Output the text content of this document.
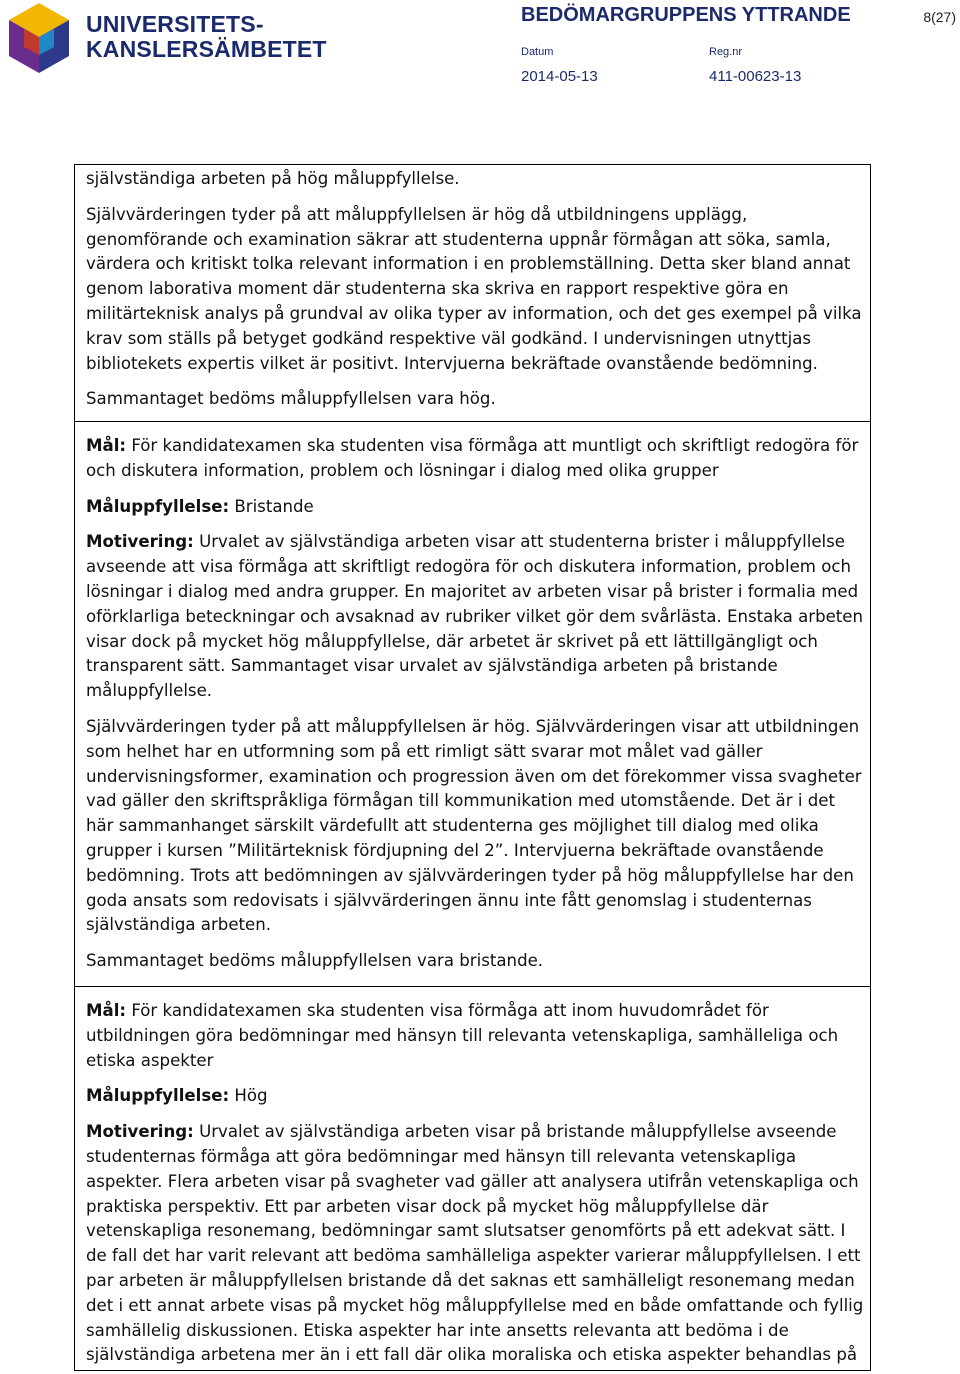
UNIVERSITETS-
KANSLERSÄMBETET
BEDÖMARGRUPPENS YTTRANDE	8(27)
Datum	Reg.nr
2014-05-13	411-00623-13

självständiga arbeten på hög måluppfyllelse.

Självvärderingen tyder på att måluppfyllelsen är hög då utbildningens upplägg, genomförande och examination säkrar att studenterna uppnår förmågan att söka, samla, värdera och kritiskt tolka relevant information i en problemställning. Detta sker bland annat genom laborativa moment där studenterna ska skriva en rapport respektive göra en militärteknisk analys på grundval av olika typer av information, och det ges exempel på vilka krav som ställs på betyget godkänd respektive väl godkänd. I undervisningen utnyttjas bibliotekets expertis vilket är positivt. Intervjuerna bekräftade ovanstående bedömning.

Sammantaget bedöms måluppfyllelsen vara hög.

Mål: För kandidatexamen ska studenten visa förmåga att muntligt och skriftligt redogöra för och diskutera information, problem och lösningar i dialog med olika grupper

Måluppfyllelse: Bristande

Motivering: Urvalet av självständiga arbeten visar att studenterna brister i måluppfyllelse avseende att visa förmåga att skriftligt redogöra för och diskutera information, problem och lösningar i dialog med andra grupper. En majoritet av arbeten visar på brister i formalia med oförklarliga beteckningar och avsaknad av rubriker vilket gör dem svårlästa. Enstaka arbeten visar dock på mycket hög måluppfyllelse, där arbetet är skrivet på ett lättillgängligt och transparent sätt. Sammantaget visar urvalet av självständiga arbeten på bristande måluppfyllelse.

Självvärderingen tyder på att måluppfyllelsen är hög. Självvärderingen visar att utbildningen som helhet har en utformning som på ett rimligt sätt svarar mot målet vad gäller undervisningsformer, examination och progression även om det förekommer vissa svagheter vad gäller den skriftspråkliga förmågan till kommunikation med utomstående. Det är i det här sammanhanget särskilt värdefullt att studenterna ges möjlighet till dialog med olika grupper i kursen ”Militärteknisk fördjupning del 2”. Intervjuerna bekräftade ovanstående bedömning. Trots att bedömningen av självvärderingen tyder på hög måluppfyllelse har den goda ansats som redovisats i självvärderingen ännu inte fått genomslag i studenternas självständiga arbeten.

Sammantaget bedöms måluppfyllelsen vara bristande.

Mål: För kandidatexamen ska studenten visa förmåga att inom huvudområdet för utbildningen göra bedömningar med hänsyn till relevanta vetenskapliga, samhälleliga och etiska aspekter

Måluppfyllelse: Hög

Motivering: Urvalet av självständiga arbeten visar på bristande måluppfyllelse avseende studenternas förmåga att göra bedömningar med hänsyn till relevanta vetenskapliga aspekter. Flera arbeten visar på svagheter vad gäller att analysera utifrån vetenskapliga och praktiska perspektiv. Ett par arbeten visar dock på mycket hög måluppfyllelse där vetenskapliga resonemang, bedömningar samt slutsatser genomförts på ett adekvat sätt. I de fall det har varit relevant att bedöma samhälleliga aspekter varierar måluppfyllelsen. I ett par arbeten är måluppfyllelsen bristande då det saknas ett samhälleligt resonemang medan det i ett annat arbete visas på mycket hög måluppfyllelse med en både omfattande och fyllig samhällelig diskussionen. Etiska aspekter har inte ansetts relevanta att bedöma i de självständiga arbetena mer än i ett fall där olika moraliska och etiska aspekter behandlas på
